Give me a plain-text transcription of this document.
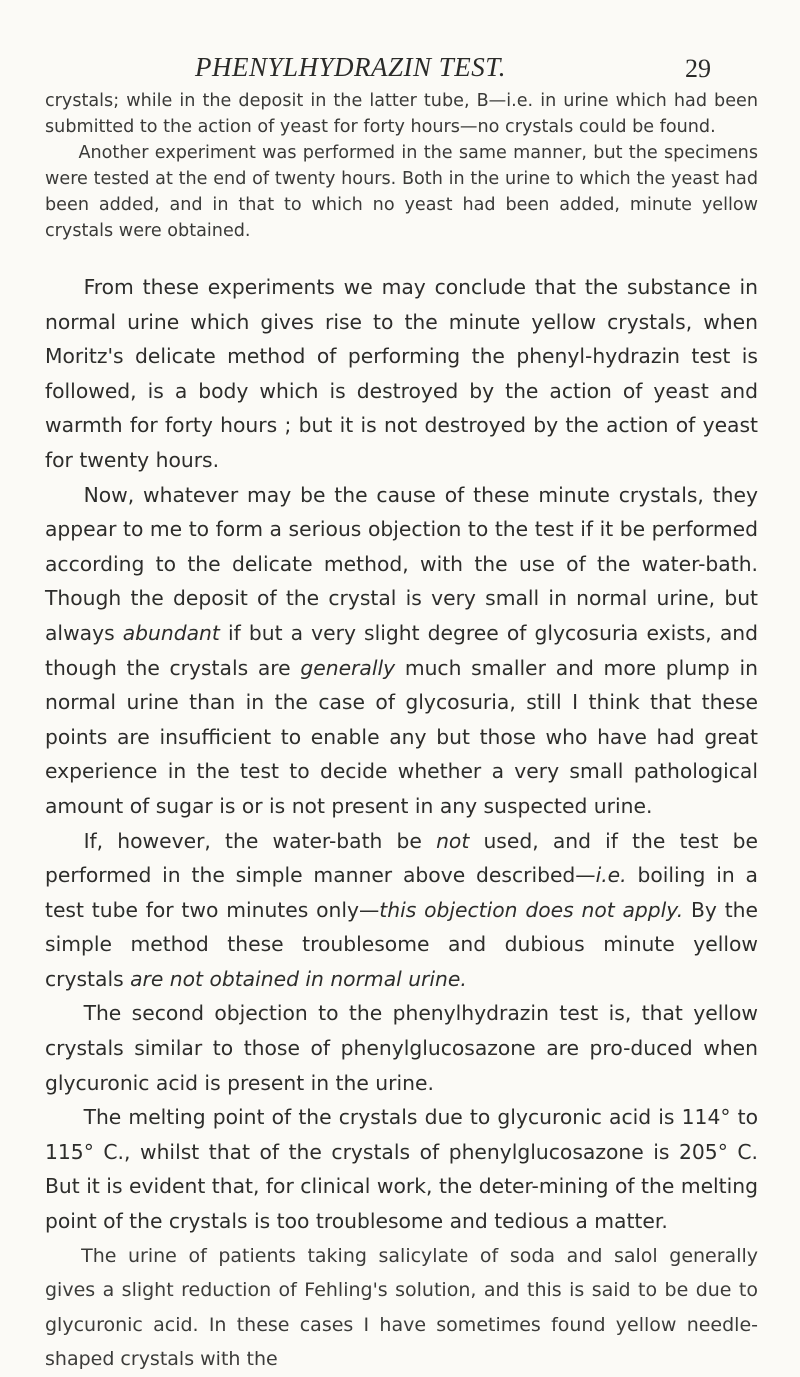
PHENYLHYDRAZIN TEST.	29

crystals; while in the deposit in the latter tube, B—i.e. in urine which had been submitted to the action of yeast for forty hours—no crystals could be found.

Another experiment was performed in the same manner, but the specimens were tested at the end of twenty hours. Both in the urine to which the yeast had been added, and in that to which no yeast had been added, minute yellow crystals were obtained.

From these experiments we may conclude that the substance in normal urine which gives rise to the minute yellow crystals, when Moritz's delicate method of performing the phenyl-hydrazin test is followed, is a body which is destroyed by the action of yeast and warmth for forty hours ; but it is not destroyed by the action of yeast for twenty hours.

Now, whatever may be the cause of these minute crystals, they appear to me to form a serious objection to the test if it be performed according to the delicate method, with the use of the water-bath. Though the deposit of the crystal is very small in normal urine, but always abundant if but a very slight degree of glycosuria exists, and though the crystals are generally much smaller and more plump in normal urine than in the case of glycosuria, still I think that these points are insufficient to enable any but those who have had great experience in the test to decide whether a very small pathological amount of sugar is or is not present in any suspected urine.

If, however, the water-bath be not used, and if the test be performed in the simple manner above described—i.e. boiling in a test tube for two minutes only—this objection does not apply. By the simple method these troublesome and dubious minute yellow crystals are not obtained in normal urine.

The second objection to the phenylhydrazin test is, that yellow crystals similar to those of phenylglucosazone are pro-duced when glycuronic acid is present in the urine.

The melting point of the crystals due to glycuronic acid is 114° to 115° C., whilst that of the crystals of phenylglucosazone is 205° C. But it is evident that, for clinical work, the deter-mining of the melting point of the crystals is too troublesome and tedious a matter.

The urine of patients taking salicylate of soda and salol generally gives a slight reduction of Fehling's solution, and this is said to be due to glycuronic acid. In these cases I have sometimes found yellow needle-shaped crystals with the
